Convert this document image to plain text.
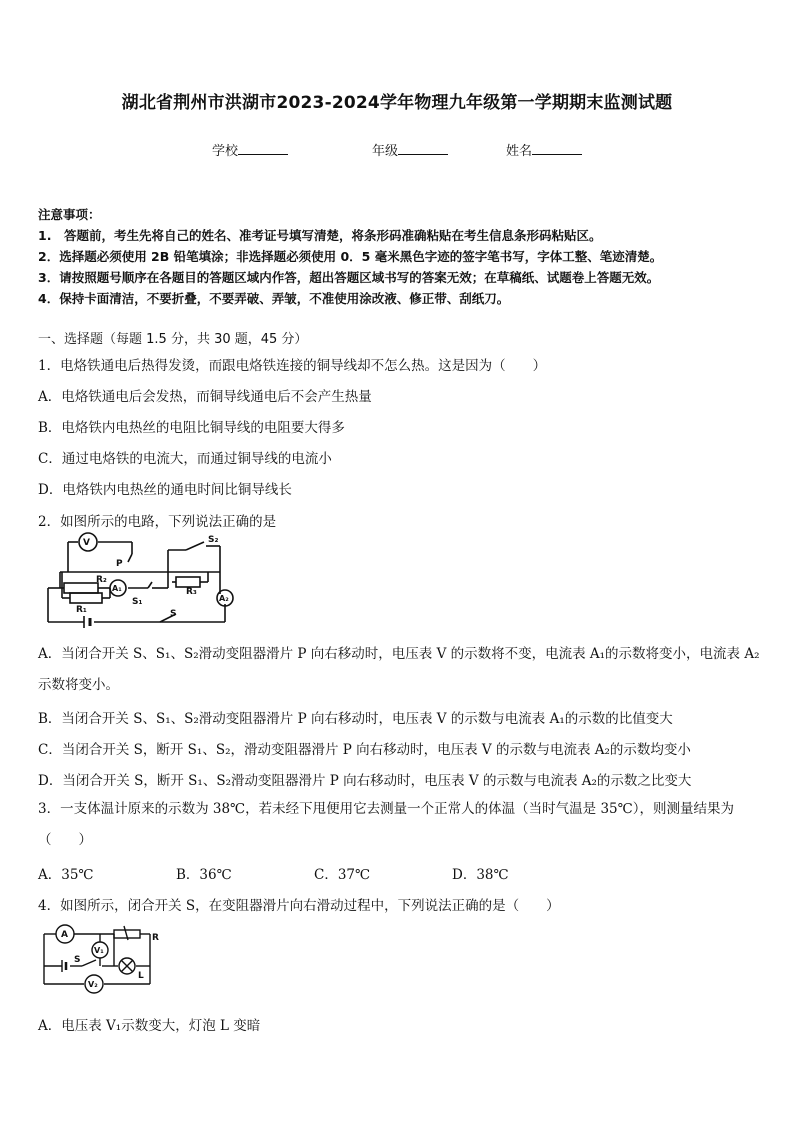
湖北省荆州市洪湖市2023-2024学年物理九年级第一学期期末监测试题
学校	年级	姓名
注意事项：
1.　答题前，考生先将自己的姓名、准考证号填写清楚，将条形码准确粘贴在考生信息条形码粘贴区。
2．选择题必须使用 2B 铅笔填涂；非选择题必须使用 0．5 毫米黑色字迹的签字笔书写，字体工整、笔迹清楚。
3．请按照题号顺序在各题目的答题区域内作答，超出答题区域书写的答案无效；在草稿纸、试题卷上答题无效。
4．保持卡面清洁，不要折叠，不要弄破、弄皱，不准使用涂改液、修正带、刮纸刀。
一、选择题（每题 1.5 分，共 30 题，45 分）
1．电烙铁通电后热得发烫，而跟电烙铁连接的铜导线却不怎么热。这是因为（　　）
A．电烙铁通电后会发热，而铜导线通电后不会产生热量
B．电烙铁内电热丝的电阻比铜导线的电阻要大得多
C．通过电烙铁的电流大，而通过铜导线的电流小
D．电烙铁内电热丝的通电时间比铜导线长
2．如图所示的电路，下列说法正确的是
V
P
R₂
A₁
S₁
R₁
S₂
R₃
A₂
S
A．当闭合开关 S、S₁、S₂滑动变阻器滑片 P 向右移动时，电压表 V 的示数将不变，电流表 A₁的示数将变小，电流表 A₂示数将变小。
B．当闭合开关 S、S₁、S₂滑动变阻器滑片 P 向右移动时，电压表 V 的示数与电流表 A₁的示数的比值变大
C．当闭合开关 S，断开 S₁、S₂，滑动变阻器滑片 P 向右移动时，电压表 V 的示数与电流表 A₂的示数均变小
D．当闭合开关 S，断开 S₁、S₂滑动变阻器滑片 P 向右移动时，电压表 V 的示数与电流表 A₂的示数之比变大
3．一支体温计原来的示数为 38℃，若未经下甩便用它去测量一个正常人的体温（当时气温是 35℃），则测量结果为（　　）
A．35℃	B．36℃	C．37℃	D．38℃
4．如图所示，闭合开关 S，在变阻器滑片向右滑动过程中，下列说法正确的是（　　）
A
V₁
R
S
L
V₂
A．电压表 V₁示数变大，灯泡 L 变暗
